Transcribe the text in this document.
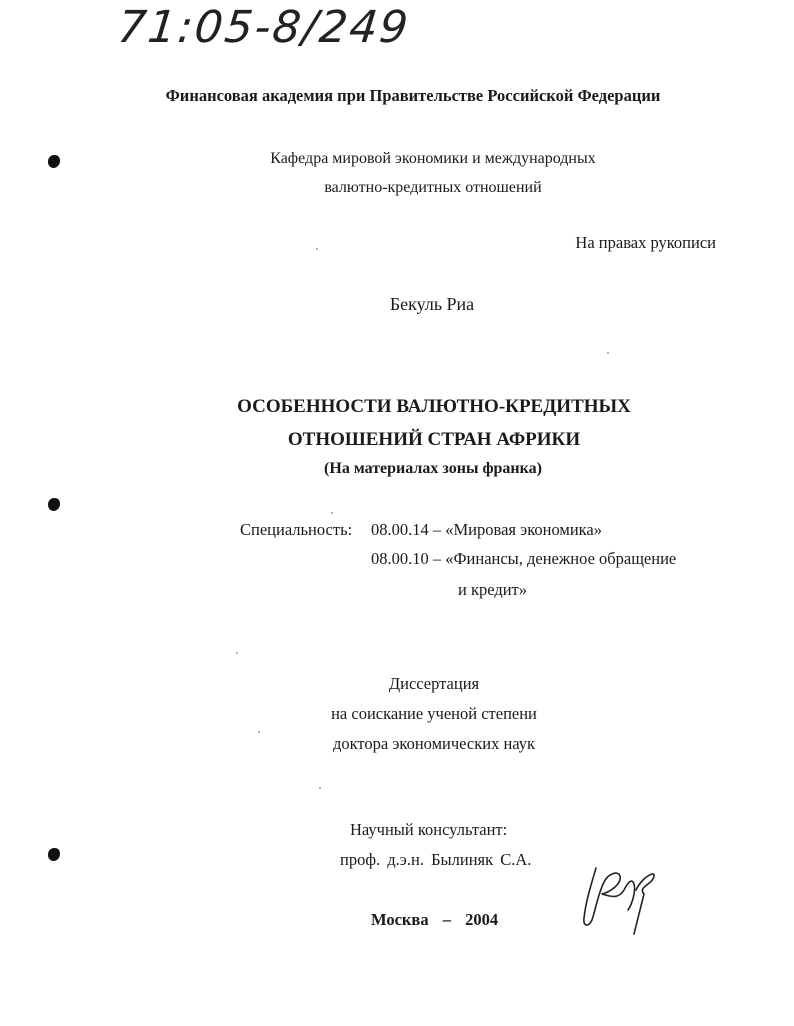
71:05-8/249
Финансовая академия при Правительстве Российской Федерации
Кафедра мировой экономики и международных
валютно-кредитных отношений
На правах рукописи
Бекуль Риа
ОСОБЕННОСТИ ВАЛЮТНО-КРЕДИТНЫХ
ОТНОШЕНИЙ СТРАН АФРИКИ
(На материалах зоны франка)
Специальность: 08.00.14 – «Мировая экономика»
08.00.10 – «Финансы, денежное обращение
и кредит»
Диссертация
на соискание ученой степени
доктора экономических наук
Научный консультант:
проф. д.э.н. Былиняк С.А.
Москва – 2004
